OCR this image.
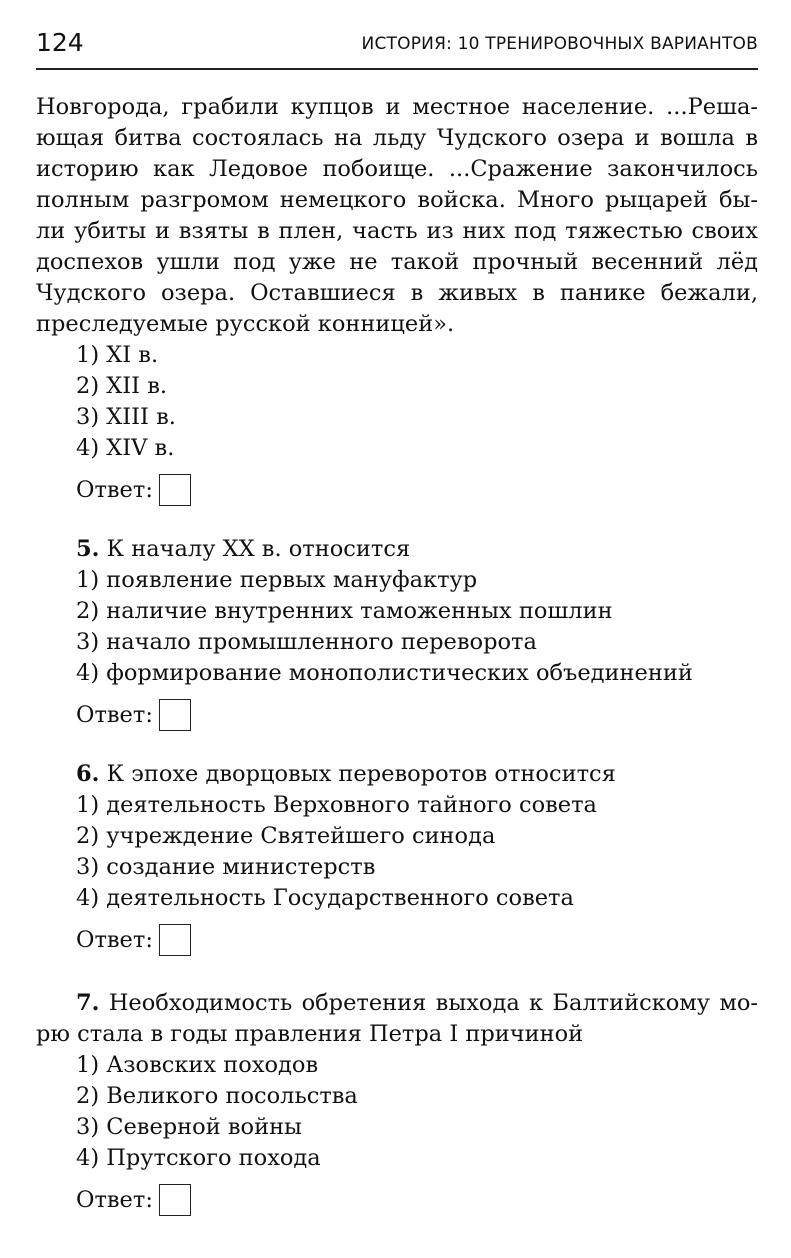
124	ИСТОРИЯ: 10 ТРЕНИРОВОЧНЫХ ВАРИАНТОВ
Новгорода, грабили купцов и местное население. ...Реша-
ющая битва состоялась на льду Чудского озера и вошла в
историю как Ледовое побоище. ...Сражение закончилось
полным разгромом немецкого войска. Много рыцарей бы-
ли убиты и взяты в плен, часть из них под тяжестью своих
доспехов ушли под уже не такой прочный весенний лёд
Чудского озера. Оставшиеся в живых в панике бежали,
преследуемые русской конницей».
1) XI в.
2) XII в.
3) XIII в.
4) XIV в.
Ответ:
5. К началу XX в. относится
1) появление первых мануфактур
2) наличие внутренних таможенных пошлин
3) начало промышленного переворота
4) формирование монополистических объединений
Ответ:
6. К эпохе дворцовых переворотов относится
1) деятельность Верховного тайного совета
2) учреждение Святейшего синода
3) создание министерств
4) деятельность Государственного совета
Ответ:
7. Необходимость обретения выхода к Балтийскому мо-
рю стала в годы правления Петра I причиной
1) Азовских походов
2) Великого посольства
3) Северной войны
4) Прутского похода
Ответ:
